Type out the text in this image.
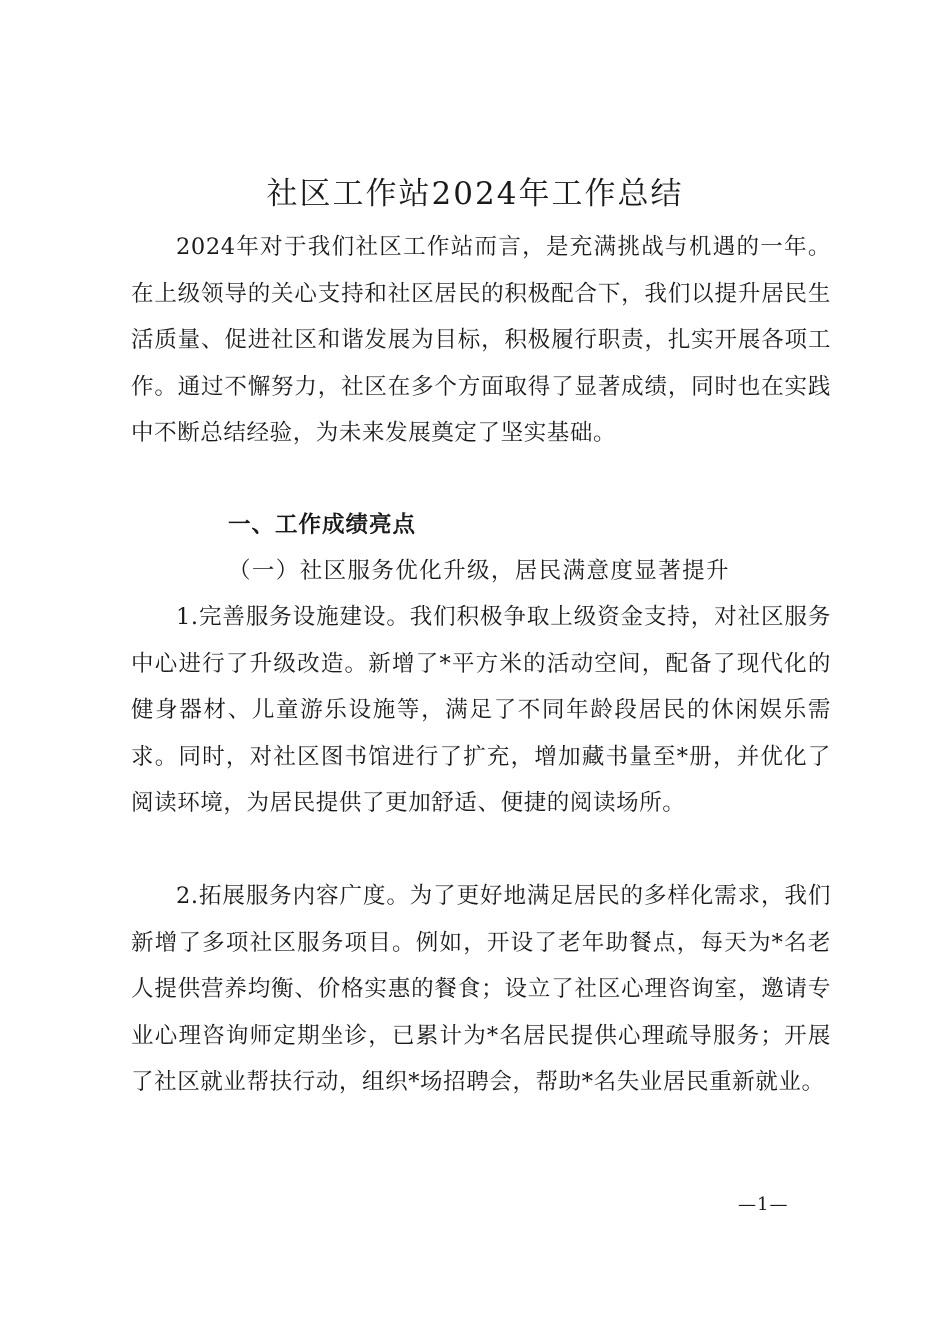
社区工作站2024年工作总结
2024年对于我们社区工作站而言，是充满挑战与机遇的一年。在上级领导的关心支持和社区居民的积极配合下，我们以提升居民生活质量、促进社区和谐发展为目标，积极履行职责，扎实开展各项工作。通过不懈努力，社区在多个方面取得了显著成绩，同时也在实践中不断总结经验，为未来发展奠定了坚实基础。
一、工作成绩亮点
（一）社区服务优化升级，居民满意度显著提升
1.完善服务设施建设。我们积极争取上级资金支持，对社区服务中心进行了升级改造。新增了*平方米的活动空间，配备了现代化的健身器材、儿童游乐设施等，满足了不同年龄段居民的休闲娱乐需求。同时，对社区图书馆进行了扩充，增加藏书量至*册，并优化了阅读环境，为居民提供了更加舒适、便捷的阅读场所。
2.拓展服务内容广度。为了更好地满足居民的多样化需求，我们新增了多项社区服务项目。例如，开设了老年助餐点，每天为*名老人提供营养均衡、价格实惠的餐食；设立了社区心理咨询室，邀请专业心理咨询师定期坐诊，已累计为*名居民提供心理疏导服务；开展了社区就业帮扶行动，组织*场招聘会，帮助*名失业居民重新就业。
—1—
